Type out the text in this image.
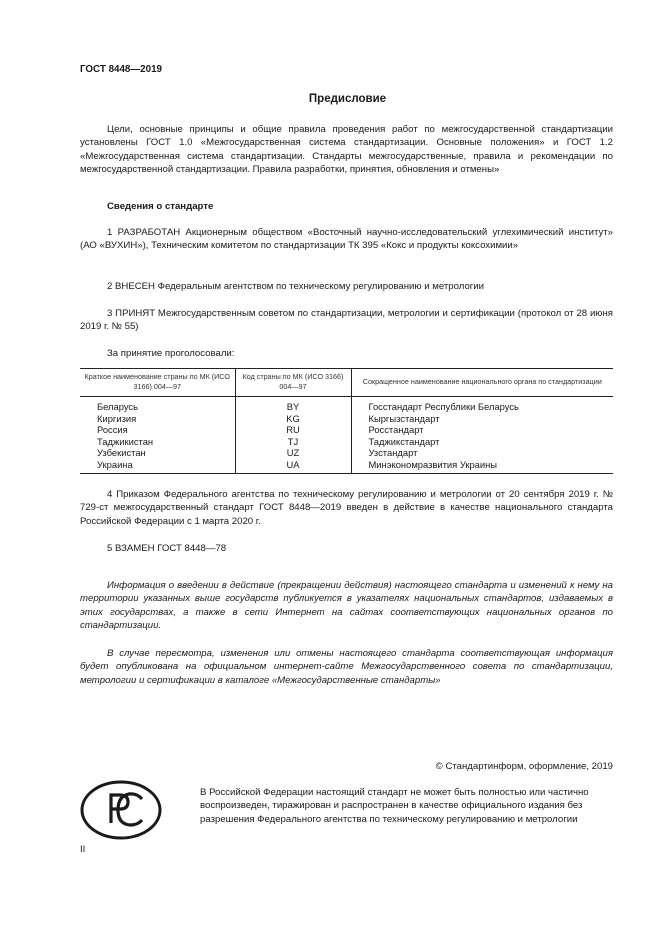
ГОСТ 8448—2019
Предисловие
Цели, основные принципы и общие правила проведения работ по межгосударственной стандартизации установлены ГОСТ 1.0 «Межгосударственная система стандартизации. Основные положения» и ГОСТ 1.2 «Межгосударственная система стандартизации. Стандарты межгосударственные, правила и рекомендации по межгосударственной стандартизации. Правила разработки, принятия, обновления и отмены»
Сведения о стандарте
1 РАЗРАБОТАН Акционерным обществом «Восточный научно-исследовательский углехимический институт» (АО «ВУХИН»), Техническим комитетом по стандартизации ТК 395 «Кокс и продукты коксохимии»
2 ВНЕСЕН Федеральным агентством по техническому регулированию и метрологии
3 ПРИНЯТ Межгосударственным советом по стандартизации, метрологии и сертификации (протокол от 28 июня 2019 г. № 55)
За принятие проголосовали:
Краткое наименование страны по МК (ИСО 3166) 004—97	Код страны по МК (ИСО 3166) 004—97	Сокращенное наименование национального органа по стандартизации
Беларусь	BY	Госстандарт Республики Беларусь
Киргизия	KG	Кыргызстандарт
Россия	RU	Росстандарт
Таджикистан	TJ	Таджикстандарт
Узбекистан	UZ	Узстандарт
Украина	UA	Минэкономразвития Украины
4 Приказом Федерального агентства по техническому регулированию и метрологии от 20 сентября 2019 г. № 729-ст межгосударственный стандарт ГОСТ 8448—2019 введен в действие в качестве национального стандарта Российской Федерации с 1 марта 2020 г.
5 ВЗАМЕН ГОСТ 8448—78
Информация о введении в действие (прекращении действия) настоящего стандарта и изменений к нему на территории указанных выше государств публикуется в указателях национальных стандартов, издаваемых в этих государствах, а также в сети Интернет на сайтах соответствующих национальных органов по стандартизации.
В случае пересмотра, изменения или отмены настоящего стандарта соответствующая информация будет опубликована на официальном интернет-сайте Межгосударственного совета по стандартизации, метрологии и сертификации в каталоге «Межгосударственные стандарты»
© Стандартинформ, оформление, 2019
В Российской Федерации настоящий стандарт не может быть полностью или частично воспроизведен, тиражирован и распространен в качестве официального издания без разрешения Федерального агентства по техническому регулированию и метрологии
II
